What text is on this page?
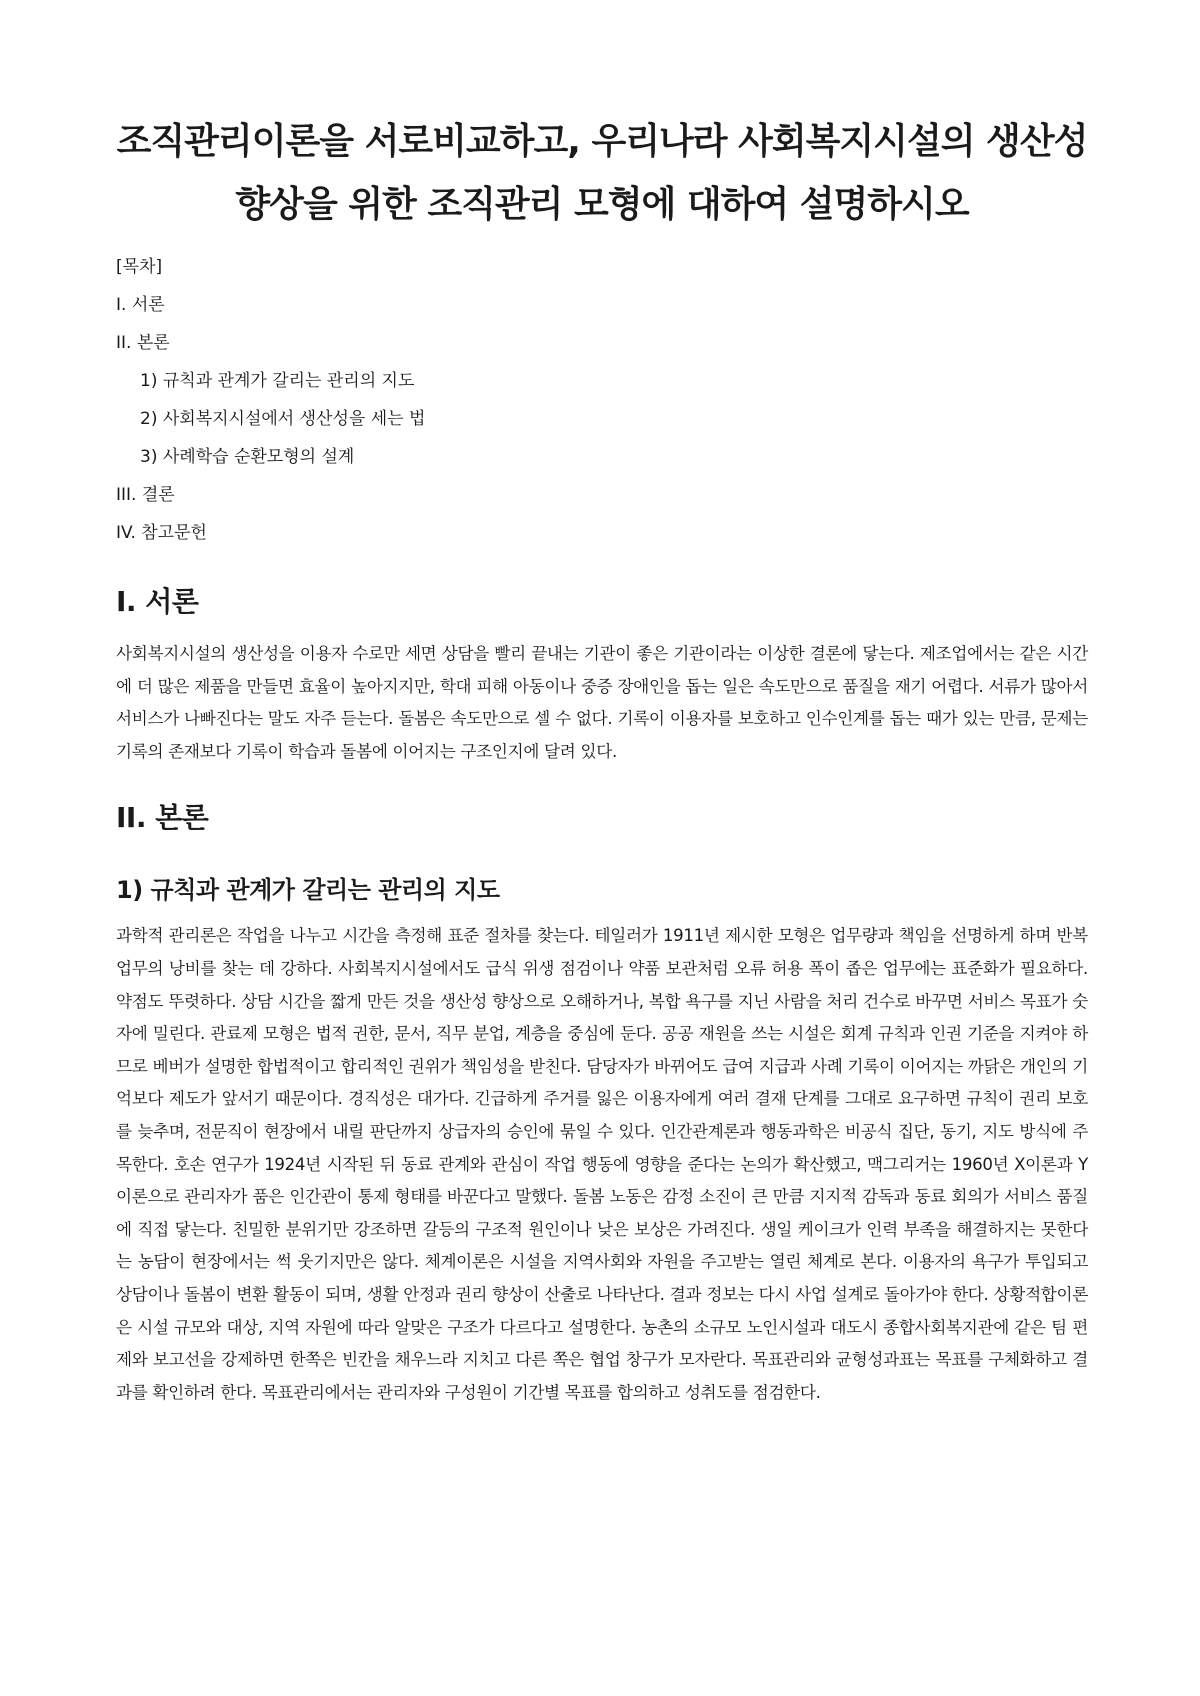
조직관리이론을 서로비교하고, 우리나라 사회복지시설의 생산성 향상을 위한 조직관리 모형에 대하여 설명하시오
[목차]
I. 서론
II. 본론
1) 규칙과 관계가 갈리는 관리의 지도
2) 사회복지시설에서 생산성을 세는 법
3) 사례학습 순환모형의 설계
III. 결론
IV. 참고문헌
I. 서론

사회복지시설의 생산성을 이용자 수로만 세면 상담을 빨리 끝내는 기관이 좋은 기관이라는 이상한 결론에 닿는다. 제조업에서는 같은 시간에 더 많은 제품을 만들면 효율이 높아지지만, 학대 피해 아동이나 중증 장애인을 돕는 일은 속도만으로 품질을 재기 어렵다. 서류가 많아서 서비스가 나빠진다는 말도 자주 듣는다. 돌봄은 속도만으로 셀 수 없다. 기록이 이용자를 보호하고 인수인계를 돕는 때가 있는 만큼, 문제는 기록의 존재보다 기록이 학습과 돌봄에 이어지는 구조인지에 달려 있다.

II. 본론
1) 규칙과 관계가 갈리는 관리의 지도

과학적 관리론은 작업을 나누고 시간을 측정해 표준 절차를 찾는다. 테일러가 1911년 제시한 모형은 업무량과 책임을 선명하게 하며 반복 업무의 낭비를 찾는 데 강하다. 사회복지시설에서도 급식 위생 점검이나 약품 보관처럼 오류 허용 폭이 좁은 업무에는 표준화가 필요하다. 약점도 뚜렷하다. 상담 시간을 짧게 만든 것을 생산성 향상으로 오해하거나, 복합 욕구를 지닌 사람을 처리 건수로 바꾸면 서비스 목표가 숫자에 밀린다. 관료제 모형은 법적 권한, 문서, 직무 분업, 계층을 중심에 둔다. 공공 재원을 쓰는 시설은 회계 규칙과 인권 기준을 지켜야 하므로 베버가 설명한 합법적이고 합리적인 권위가 책임성을 받친다. 담당자가 바뀌어도 급여 지급과 사례 기록이 이어지는 까닭은 개인의 기억보다 제도가 앞서기 때문이다. 경직성은 대가다. 긴급하게 주거를 잃은 이용자에게 여러 결재 단계를 그대로 요구하면 규칙이 권리 보호를 늦추며, 전문직이 현장에서 내릴 판단까지 상급자의 승인에 묶일 수 있다. 인간관계론과 행동과학은 비공식 집단, 동기, 지도 방식에 주목한다. 호손 연구가 1924년 시작된 뒤 동료 관계와 관심이 작업 행동에 영향을 준다는 논의가 확산했고, 맥그리거는 1960년 X이론과 Y이론으로 관리자가 품은 인간관이 통제 형태를 바꾼다고 말했다. 돌봄 노동은 감정 소진이 큰 만큼 지지적 감독과 동료 회의가 서비스 품질에 직접 닿는다. 친밀한 분위기만 강조하면 갈등의 구조적 원인이나 낮은 보상은 가려진다. 생일 케이크가 인력 부족을 해결하지는 못한다는 농담이 현장에서는 썩 웃기지만은 않다. 체계이론은 시설을 지역사회와 자원을 주고받는 열린 체계로 본다. 이용자의 욕구가 투입되고 상담이나 돌봄이 변환 활동이 되며, 생활 안정과 권리 향상이 산출로 나타난다. 결과 정보는 다시 사업 설계로 돌아가야 한다. 상황적합이론은 시설 규모와 대상, 지역 자원에 따라 알맞은 구조가 다르다고 설명한다. 농촌의 소규모 노인시설과 대도시 종합사회복지관에 같은 팀 편제와 보고선을 강제하면 한쪽은 빈칸을 채우느라 지치고 다른 쪽은 협업 창구가 모자란다. 목표관리와 균형성과표는 목표를 구체화하고 결과를 확인하려 한다. 목표관리에서는 관리자와 구성원이 기간별 목표를 합의하고 성취도를 점검한다.
